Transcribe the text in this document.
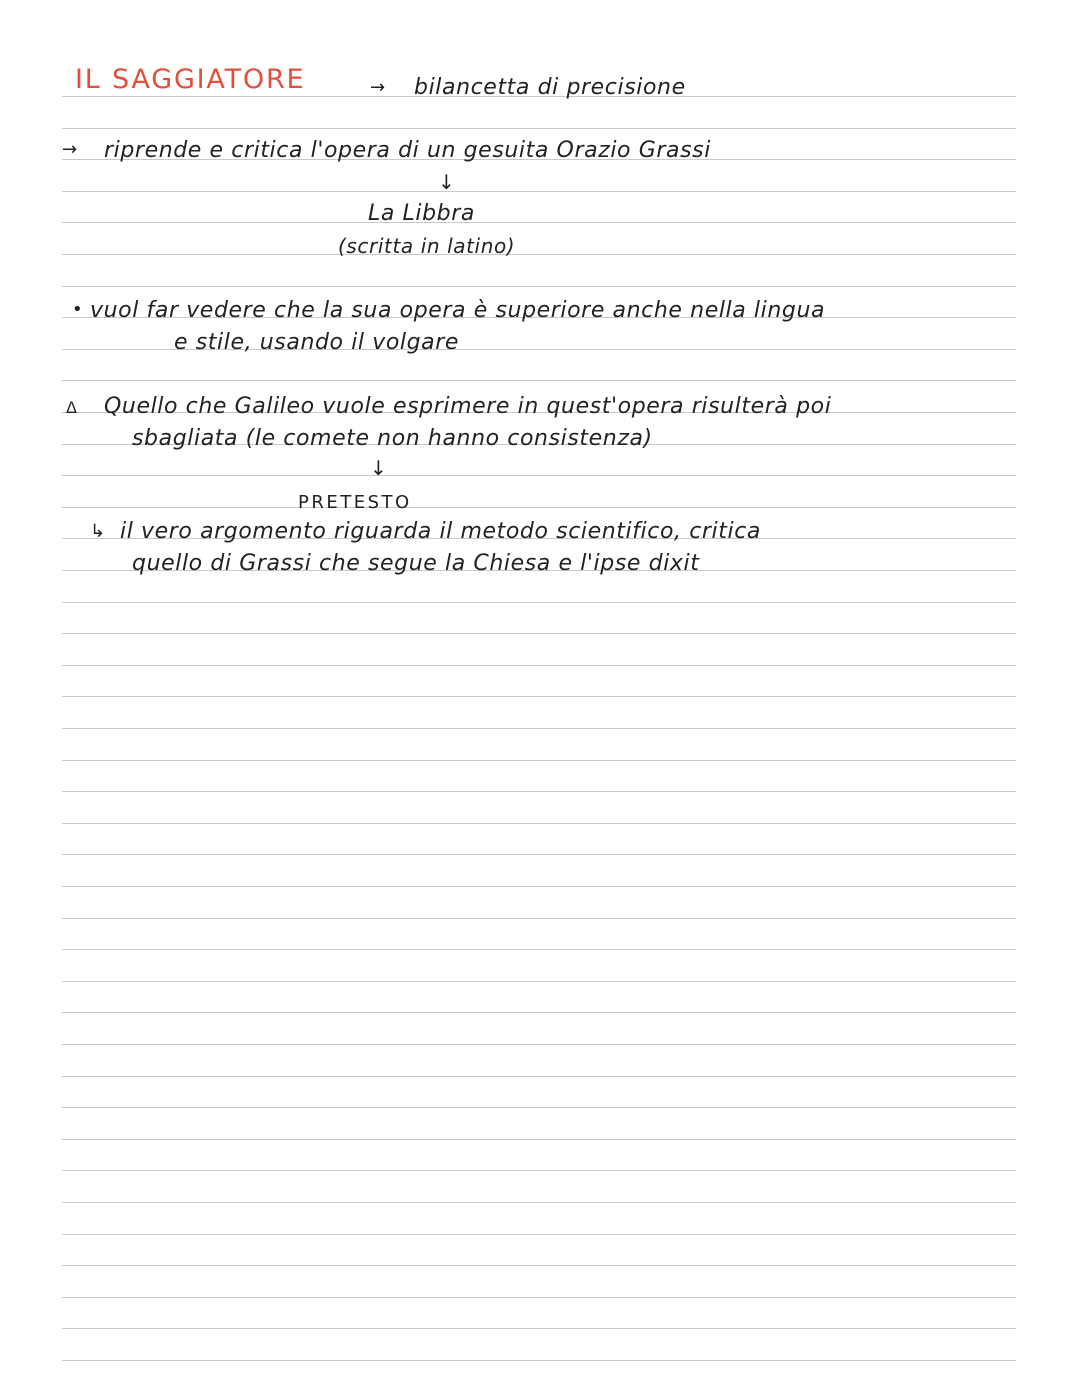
IL SAGGIATORE	→ bilancetta di precisione
→ riprende e critica l'opera di un gesuita Orazio Grassi
↓
La Libbra
(scritta in latino)
• vuol far vedere che la sua opera è superiore anche nella lingua
e stile, usando il volgare
Δ Quello che Galileo vuole esprimere in quest'opera risulterà poi
sbagliata (le comete non hanno consistenza)
↓
PRETESTO
↳ il vero argomento riguarda il metodo scientifico, critica
quello di Grassi che segue la Chiesa e l'ipse dixit
